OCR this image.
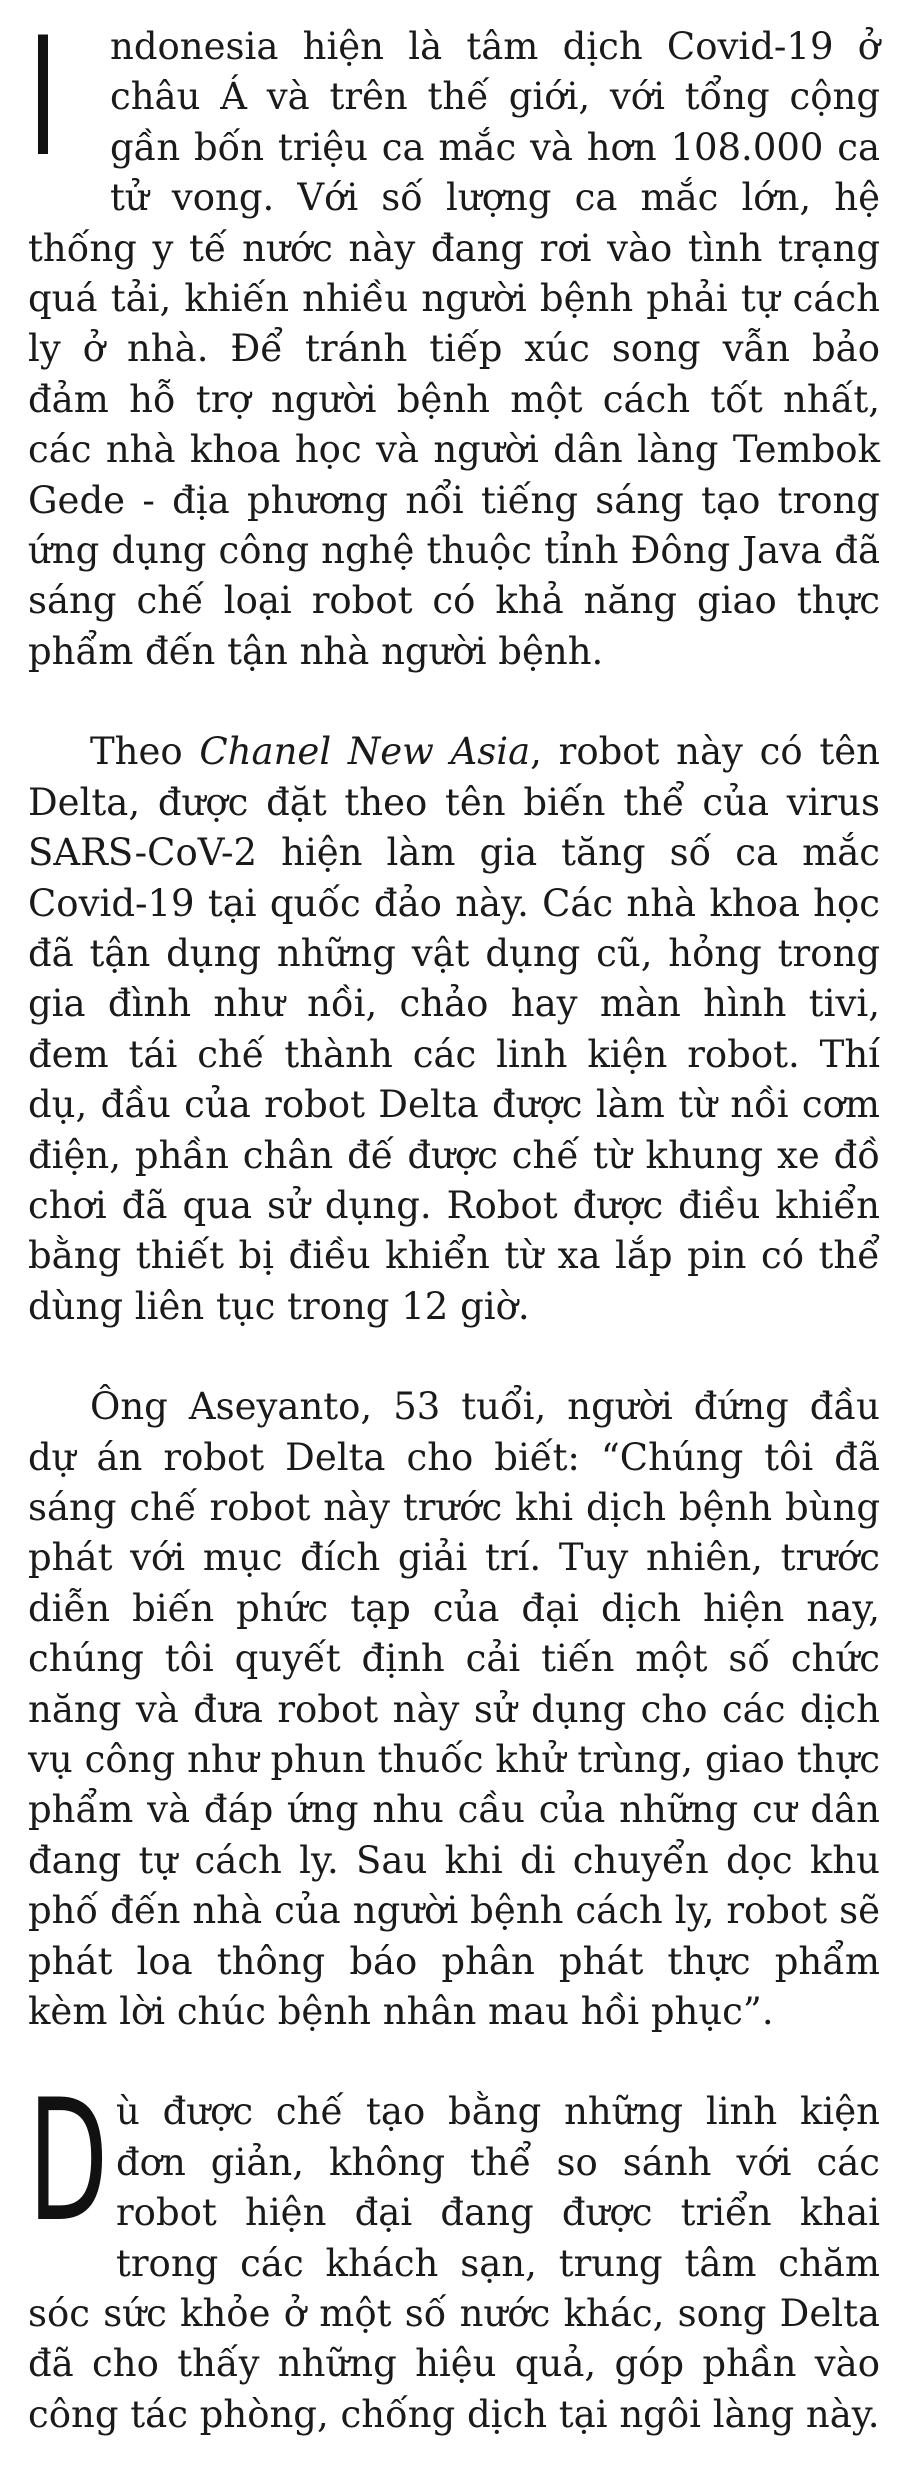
I ndonesia hiện là tâm dịch Covid-19 ở châu Á và trên thế giới, với tổng cộng gần bốn triệu ca mắc và hơn 108.000 ca tử vong. Với số lượng ca mắc lớn, hệ thống y tế nước này đang rơi vào tình trạng quá tải, khiến nhiều người bệnh phải tự cách ly ở nhà. Để tránh tiếp xúc song vẫn bảo đảm hỗ trợ người bệnh một cách tốt nhất, các nhà khoa học và người dân làng Tembok Gede - địa phương nổi tiếng sáng tạo trong ứng dụng công nghệ thuộc tỉnh Đông Java đã sáng chế loại robot có khả năng giao thực phẩm đến tận nhà người bệnh.

Theo Chanel New Asia, robot này có tên Delta, được đặt theo tên biến thể của virus SARS-CoV-2 hiện làm gia tăng số ca mắc Covid-19 tại quốc đảo này. Các nhà khoa học đã tận dụng những vật dụng cũ, hỏng trong gia đình như nồi, chảo hay màn hình tivi, đem tái chế thành các linh kiện robot. Thí dụ, đầu của robot Delta được làm từ nồi cơm điện, phần chân đế được chế từ khung xe đồ chơi đã qua sử dụng. Robot được điều khiển bằng thiết bị điều khiển từ xa lắp pin có thể dùng liên tục trong 12 giờ.

Ông Aseyanto, 53 tuổi, người đứng đầu dự án robot Delta cho biết: “Chúng tôi đã sáng chế robot này trước khi dịch bệnh bùng phát với mục đích giải trí. Tuy nhiên, trước diễn biến phức tạp của đại dịch hiện nay, chúng tôi quyết định cải tiến một số chức năng và đưa robot này sử dụng cho các dịch vụ công như phun thuốc khử trùng, giao thực phẩm và đáp ứng nhu cầu của những cư dân đang tự cách ly. Sau khi di chuyển dọc khu phố đến nhà của người bệnh cách ly, robot sẽ phát loa thông báo phân phát thực phẩm kèm lời chúc bệnh nhân mau hồi phục”.

Dù được chế tạo bằng những linh kiện đơn giản, không thể so sánh với các robot hiện đại đang được triển khai trong các khách sạn, trung tâm chăm sóc sức khỏe ở một số nước khác, song Delta đã cho thấy những hiệu quả, góp phần vào công tác phòng, chống dịch tại ngôi làng này.
